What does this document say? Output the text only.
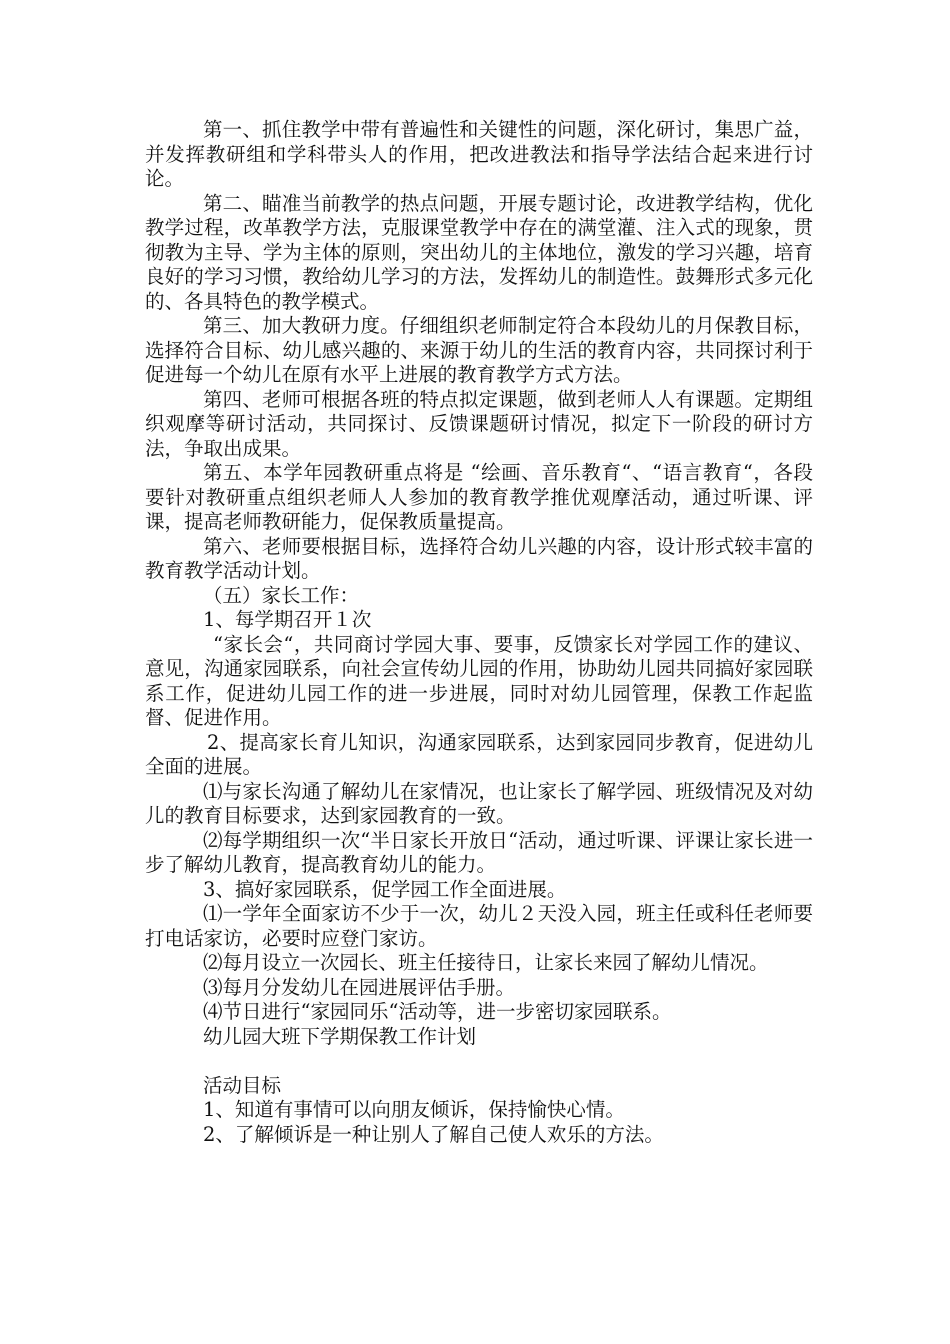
第一、抓住教学中带有普遍性和关键性的问题，深化研讨，集思广益，并发挥教研组和学科带头人的作用，把改进教法和指导学法结合起来进行讨论。

第二、瞄准当前教学的热点问题，开展专题讨论，改进教学结构，优化教学过程，改革教学方法，克服课堂教学中存在的满堂灌、注入式的现象，贯彻教为主导、学为主体的原则，突出幼儿的主体地位，激发的学习兴趣，培育良好的学习习惯，教给幼儿学习的方法，发挥幼儿的制造性。鼓舞形式多元化的、各具特色的教学模式。

第三、加大教研力度。仔细组织老师制定符合本段幼儿的月保教目标，选择符合目标、幼儿感兴趣的、来源于幼儿的生活的教育内容，共同探讨利于促进每一个幼儿在原有水平上进展的教育教学方式方法。

第四、老师可根据各班的特点拟定课题，做到老师人人有课题。定期组织观摩等研讨活动，共同探讨、反馈课题研讨情况，拟定下一阶段的研讨方法，争取出成果。

第五、本学年园教研重点将是 “绘画、音乐教育“、“语言教育“，各段要针对教研重点组织老师人人参加的教育教学推优观摩活动，通过听课、评课，提高老师教研能力，促保教质量提高。

第六、老师要根据目标，选择符合幼儿兴趣的内容，设计形式较丰富的教育教学活动计划。

（五）家长工作：

1、每学期召开１次

“家长会“，共同商讨学园大事、要事，反馈家长对学园工作的建议、意见，沟通家园联系，向社会宣传幼儿园的作用，协助幼儿园共同搞好家园联系工作，促进幼儿园工作的进一步进展，同时对幼儿园管理，保教工作起监督、促进作用。

2、提高家长育儿知识，沟通家园联系，达到家园同步教育，促进幼儿全面的进展。

⑴与家长沟通了解幼儿在家情况，也让家长了解学园、班级情况及对幼儿的教育目标要求，达到家园教育的一致。

⑵每学期组织一次“半日家长开放日“活动，通过听课、评课让家长进一步了解幼儿教育，提高教育幼儿的能力。

3、搞好家园联系，促学园工作全面进展。

⑴一学年全面家访不少于一次，幼儿２天没入园，班主任或科任老师要打电话家访，必要时应登门家访。

⑵每月设立一次园长、班主任接待日，让家长来园了解幼儿情况。

⑶每月分发幼儿在园进展评估手册。

⑷节日进行“家园同乐“活动等，进一步密切家园联系。

幼儿园大班下学期保教工作计划

活动目标

1、知道有事情可以向朋友倾诉，保持愉快心情。

2、了解倾诉是一种让别人了解自己使人欢乐的方法。
